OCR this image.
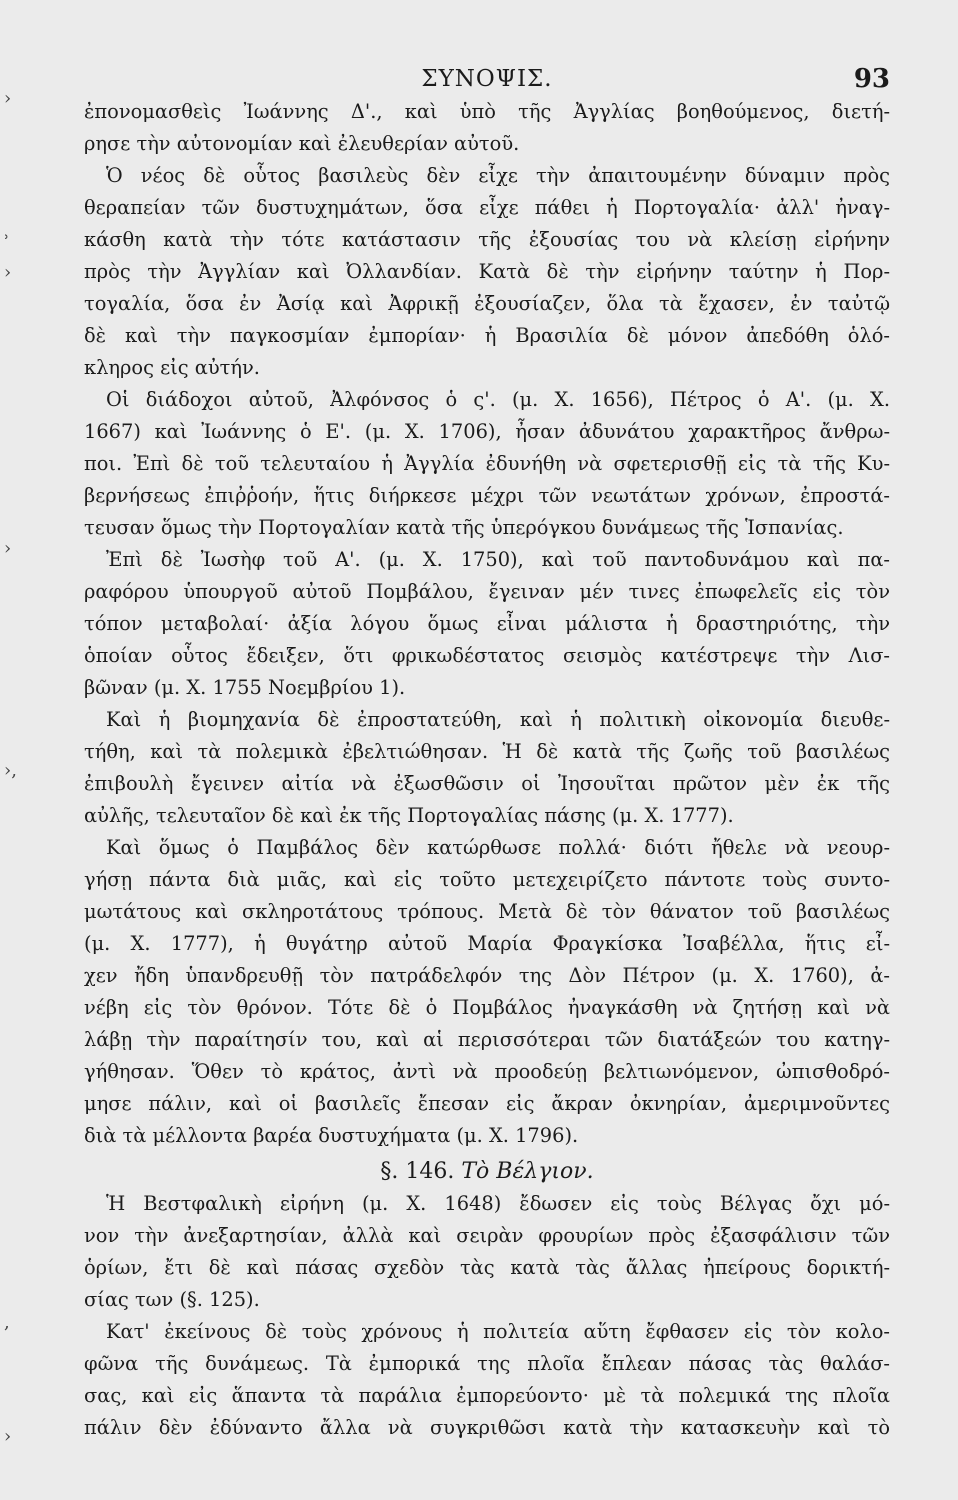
›
ʾ
›
›
›,
,
›
ΣΥΝΟΨΙΣ.	93
ἐπονομασθεὶς Ἰωάννης Δ'., καὶ ὑπὸ τῆς Ἀγγλίας βοηθούμενος, διετή-
ρησε τὴν αὐτονομίαν καὶ ἐλευθερίαν αὐτοῦ.
Ὁ νέος δὲ οὗτος βασιλεὺς δὲν εἶχε τὴν ἀπαιτουμένην δύναμιν πρὸς
θεραπείαν τῶν δυστυχημάτων, ὅσα εἶχε πάθει ἡ Πορτογαλία· ἀλλ' ἠναγ-
κάσθη κατὰ τὴν τότε κατάστασιν τῆς ἐξουσίας του νὰ κλείσῃ εἰρήνην
πρὸς τὴν Ἀγγλίαν καὶ Ὀλλανδίαν. Κατὰ δὲ τὴν εἰρήνην ταύτην ἡ Πορ-
τογαλία, ὅσα ἐν Ἀσίᾳ καὶ Ἀφρικῇ ἐξουσίαζεν, ὅλα τὰ ἔχασεν, ἐν ταὐτῷ
δὲ καὶ τὴν παγκοσμίαν ἐμπορίαν· ἡ Βρασιλία δὲ μόνον ἀπεδόθη ὁλό-
κληρος εἰς αὐτήν.
Οἱ διάδοχοι αὐτοῦ, Ἀλφόνσος ὁ ς'. (μ. Χ. 1656), Πέτρος ὁ Α'. (μ. Χ.
1667) καὶ Ἰωάννης ὁ Ε'. (μ. Χ. 1706), ἦσαν ἀδυνάτου χαρακτῆρος ἄνθρω-
ποι. Ἐπὶ δὲ τοῦ τελευταίου ἡ Ἀγγλία ἐδυνήθη νὰ σφετερισθῇ εἰς τὰ τῆς Κυ-
βερνήσεως ἐπιῤῥοήν, ἥτις διήρκεσε μέχρι τῶν νεωτάτων χρόνων, ἐπροστά-
τευσαν ὅμως τὴν Πορτογαλίαν κατὰ τῆς ὑπερόγκου δυνάμεως τῆς Ἱσπανίας.
Ἐπὶ δὲ Ἰωσὴφ τοῦ Α'. (μ. Χ. 1750), καὶ τοῦ παντοδυνάμου καὶ πα-
ραφόρου ὑπουργοῦ αὐτοῦ Πομβάλου, ἔγειναν μέν τινες ἐπωφελεῖς εἰς τὸν
τόπον μεταβολαί· ἀξία λόγου ὅμως εἶναι μάλιστα ἡ δραστηριότης, τὴν
ὁποίαν οὗτος ἔδειξεν, ὅτι φρικωδέστατος σεισμὸς κατέστρεψε τὴν Λισ-
βῶναν (μ. Χ. 1755 Νοεμβρίου 1).
Καὶ ἡ βιομηχανία δὲ ἐπροστατεύθη, καὶ ἡ πολιτικὴ οἰκονομία διευθε-
τήθη, καὶ τὰ πολεμικὰ ἐβελτιώθησαν. Ἡ δὲ κατὰ τῆς ζωῆς τοῦ βασιλέως
ἐπιβουλὴ ἔγεινεν αἰτία νὰ ἐξωσθῶσιν οἱ Ἰησουῖται πρῶτον μὲν ἐκ τῆς
αὐλῆς, τελευταῖον δὲ καὶ ἐκ τῆς Πορτογαλίας πάσης (μ. Χ. 1777).
Καὶ ὅμως ὁ Παμβάλος δὲν κατώρθωσε πολλά· διότι ἤθελε νὰ νεουρ-
γήσῃ πάντα διὰ μιᾶς, καὶ εἰς τοῦτο μετεχειρίζετο πάντοτε τοὺς συντο-
μωτάτους καὶ σκληροτάτους τρόπους. Μετὰ δὲ τὸν θάνατον τοῦ βασιλέως
(μ. Χ. 1777), ἡ θυγάτηρ αὐτοῦ Μαρία Φραγκίσκα Ἰσαβέλλα, ἥτις εἶ-
χεν ἤδη ὑπανδρευθῇ τὸν πατράδελφόν της Δὸν Πέτρον (μ. Χ. 1760), ἀ-
νέβη εἰς τὸν θρόνον. Τότε δὲ ὁ Πομβάλος ἠναγκάσθη νὰ ζητήσῃ καὶ νὰ
λάβῃ τὴν παραίτησίν του, καὶ αἱ περισσότεραι τῶν διατάξεών του κατηγ-
γήθησαν. Ὅθεν τὸ κράτος, ἀντὶ νὰ προοδεύῃ βελτιωνόμενον, ὠπισθοδρό-
μησε πάλιν, καὶ οἱ βασιλεῖς ἔπεσαν εἰς ἄκραν ὀκνηρίαν, ἀμεριμνοῦντες
διὰ τὰ μέλλοντα βαρέα δυστυχήματα (μ. Χ. 1796).
§. 146. Τὸ Βέλγιον.
Ἡ Βεστφαλικὴ εἰρήνη (μ. Χ. 1648) ἔδωσεν εἰς τοὺς Βέλγας ὄχι μό-
νον τὴν ἀνεξαρτησίαν, ἀλλὰ καὶ σειρὰν φρουρίων πρὸς ἐξασφάλισιν τῶν
ὁρίων, ἔτι δὲ καὶ πάσας σχεδὸν τὰς κατὰ τὰς ἄλλας ἠπείρους δορικτή-
σίας των (§. 125).
Κατ' ἐκείνους δὲ τοὺς χρόνους ἡ πολιτεία αὕτη ἔφθασεν εἰς τὸν κολο-
φῶνα τῆς δυνάμεως. Τὰ ἐμπορικά της πλοῖα ἔπλεαν πάσας τὰς θαλάσ-
σας, καὶ εἰς ἅπαντα τὰ παράλια ἐμπορεύοντο· μὲ τὰ πολεμικά της πλοῖα
πάλιν δὲν ἐδύναντο ἄλλα νὰ συγκριθῶσι κατὰ τὴν κατασκευὴν καὶ τὸ
